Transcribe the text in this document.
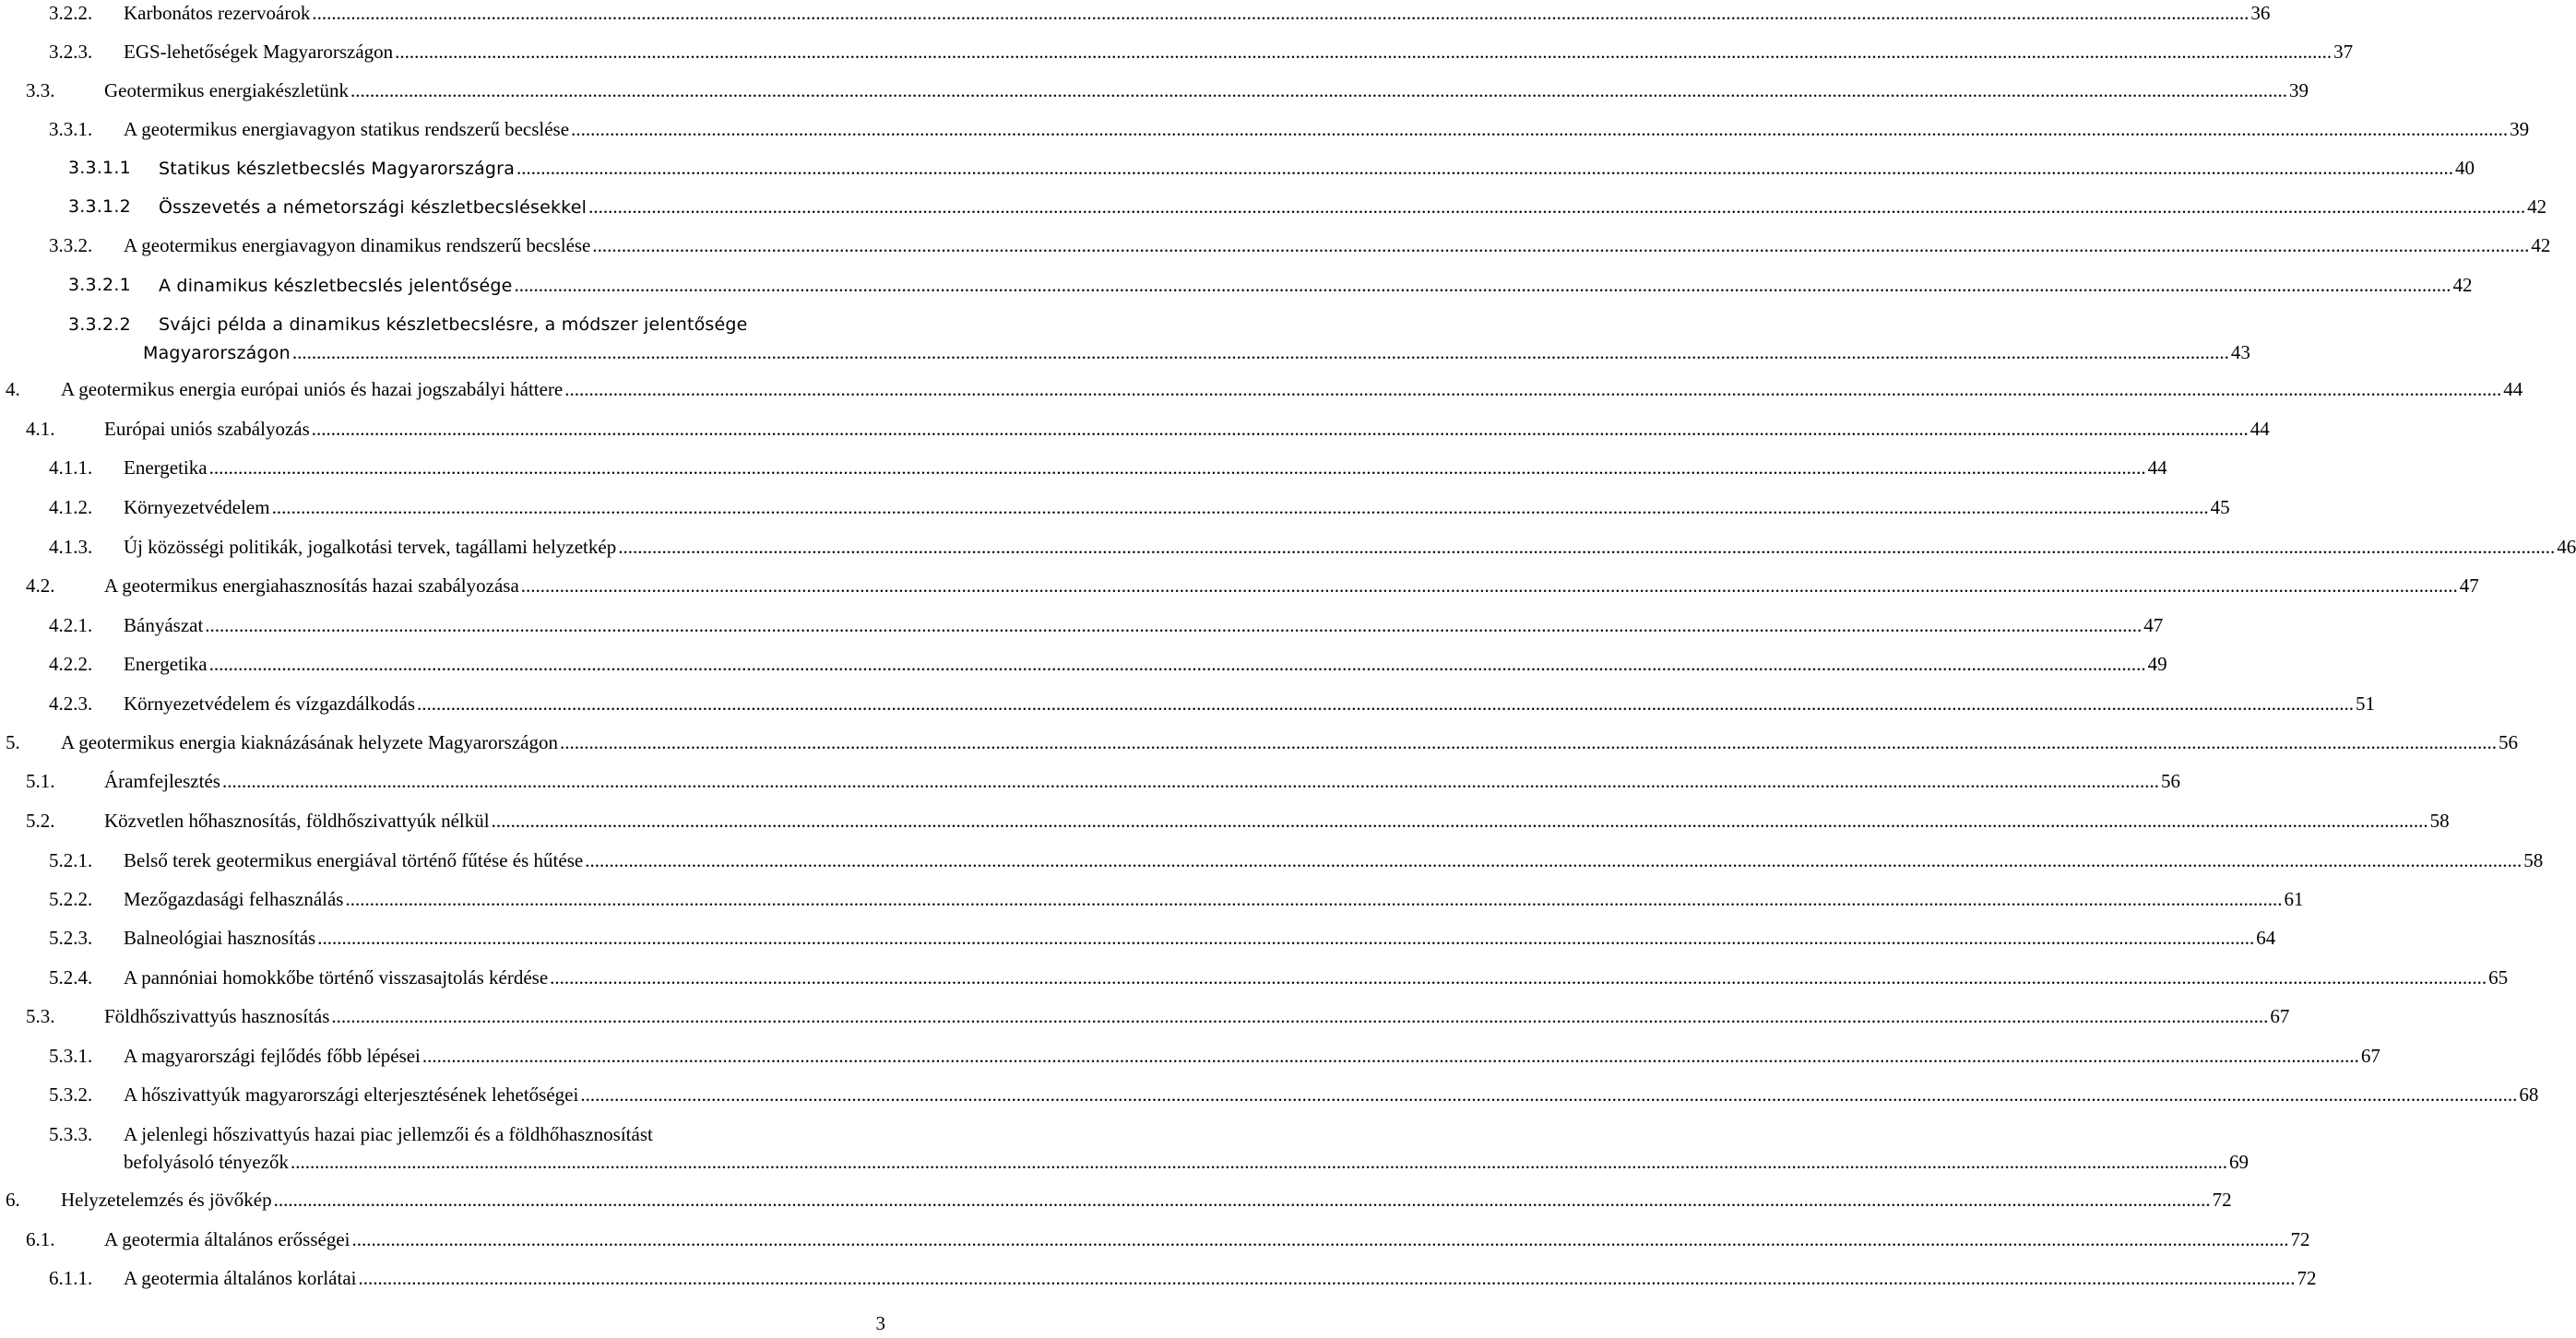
3.2.2. Karbonátos rezervoárok ................................................................................................................................................................................................................................................................................................................................................................................................................ 36
3.2.3. EGS-lehetőségek Magyarországon ................................................................................................................................................................................................................................................................................................................................................................................................................ 37
3.3.	Geotermikus energiakészletünk ................................................................................................................................................................................................................................................................................................................................................................................................................ 39
3.3.1. A geotermikus energiavagyon statikus rendszerű becslése ................................................................................................................................................................................................................................................................................................................................................................................................................ 39
3.3.1.1 Statikus készletbecslés Magyarországra ................................................................................................................................................................................................................................................................................................................................................................................................................ 40
3.3.1.2 Összevetés a németországi készletbecslésekkel ................................................................................................................................................................................................................................................................................................................................................................................................................ 42
3.3.2. A geotermikus energiavagyon dinamikus rendszerű becslése ................................................................................................................................................................................................................................................................................................................................................................................................................ 42
3.3.2.1 A dinamikus készletbecslés jelentősége ................................................................................................................................................................................................................................................................................................................................................................................................................ 42
3.3.2.2 Svájci példa a dinamikus készletbecslésre, a módszer jelentősége
Magyarországon ................................................................................................................................................................................................................................................................................................................................................................................................................ 43
4. A geotermikus energia európai uniós és hazai jogszabályi háttere ................................................................................................................................................................................................................................................................................................................................................................................................................ 44
4.1.	Európai uniós szabályozás ................................................................................................................................................................................................................................................................................................................................................................................................................ 44
4.1.1. Energetika ................................................................................................................................................................................................................................................................................................................................................................................................................ 44
4.1.2. Környezetvédelem ................................................................................................................................................................................................................................................................................................................................................................................................................ 45
4.1.3. Új közösségi politikák, jogalkotási tervek, tagállami helyzetkép ................................................................................................................................................................................................................................................................................................................................................................................................................ 46
4.2.	A geotermikus energiahasznosítás hazai szabályozása ................................................................................................................................................................................................................................................................................................................................................................................................................ 47
4.2.1. Bányászat ................................................................................................................................................................................................................................................................................................................................................................................................................ 47
4.2.2. Energetika ................................................................................................................................................................................................................................................................................................................................................................................................................ 49
4.2.3. Környezetvédelem és vízgazdálkodás ................................................................................................................................................................................................................................................................................................................................................................................................................ 51
5. A geotermikus energia kiaknázásának helyzete Magyarországon ................................................................................................................................................................................................................................................................................................................................................................................................................ 56
5.1.	Áramfejlesztés ................................................................................................................................................................................................................................................................................................................................................................................................................ 56
5.2.	Közvetlen hőhasznosítás, földhőszivattyúk nélkül ................................................................................................................................................................................................................................................................................................................................................................................................................ 58
5.2.1. Belső terek geotermikus energiával történő fűtése és hűtése ................................................................................................................................................................................................................................................................................................................................................................................................................ 58
5.2.2. Mezőgazdasági felhasználás ................................................................................................................................................................................................................................................................................................................................................................................................................ 61
5.2.3. Balneológiai hasznosítás ................................................................................................................................................................................................................................................................................................................................................................................................................ 64
5.2.4. A pannóniai homokkőbe történő visszasajtolás kérdése ................................................................................................................................................................................................................................................................................................................................................................................................................ 65
5.3.	Földhőszivattyús hasznosítás ................................................................................................................................................................................................................................................................................................................................................................................................................ 67
5.3.1. A magyarországi fejlődés főbb lépései ................................................................................................................................................................................................................................................................................................................................................................................................................ 67
5.3.2. A hőszivattyúk magyarországi elterjesztésének lehetőségei ................................................................................................................................................................................................................................................................................................................................................................................................................ 68
5.3.3. A jelenlegi hőszivattyús hazai piac jellemzői és a földhőhasznosítást
befolyásoló tényezők ................................................................................................................................................................................................................................................................................................................................................................................................................ 69
6. Helyzetelemzés és jövőkép ................................................................................................................................................................................................................................................................................................................................................................................................................ 72
6.1.	A geotermia általános erősségei ................................................................................................................................................................................................................................................................................................................................................................................................................ 72
6.1.1. A geotermia általános korlátai ................................................................................................................................................................................................................................................................................................................................................................................................................ 72
3
